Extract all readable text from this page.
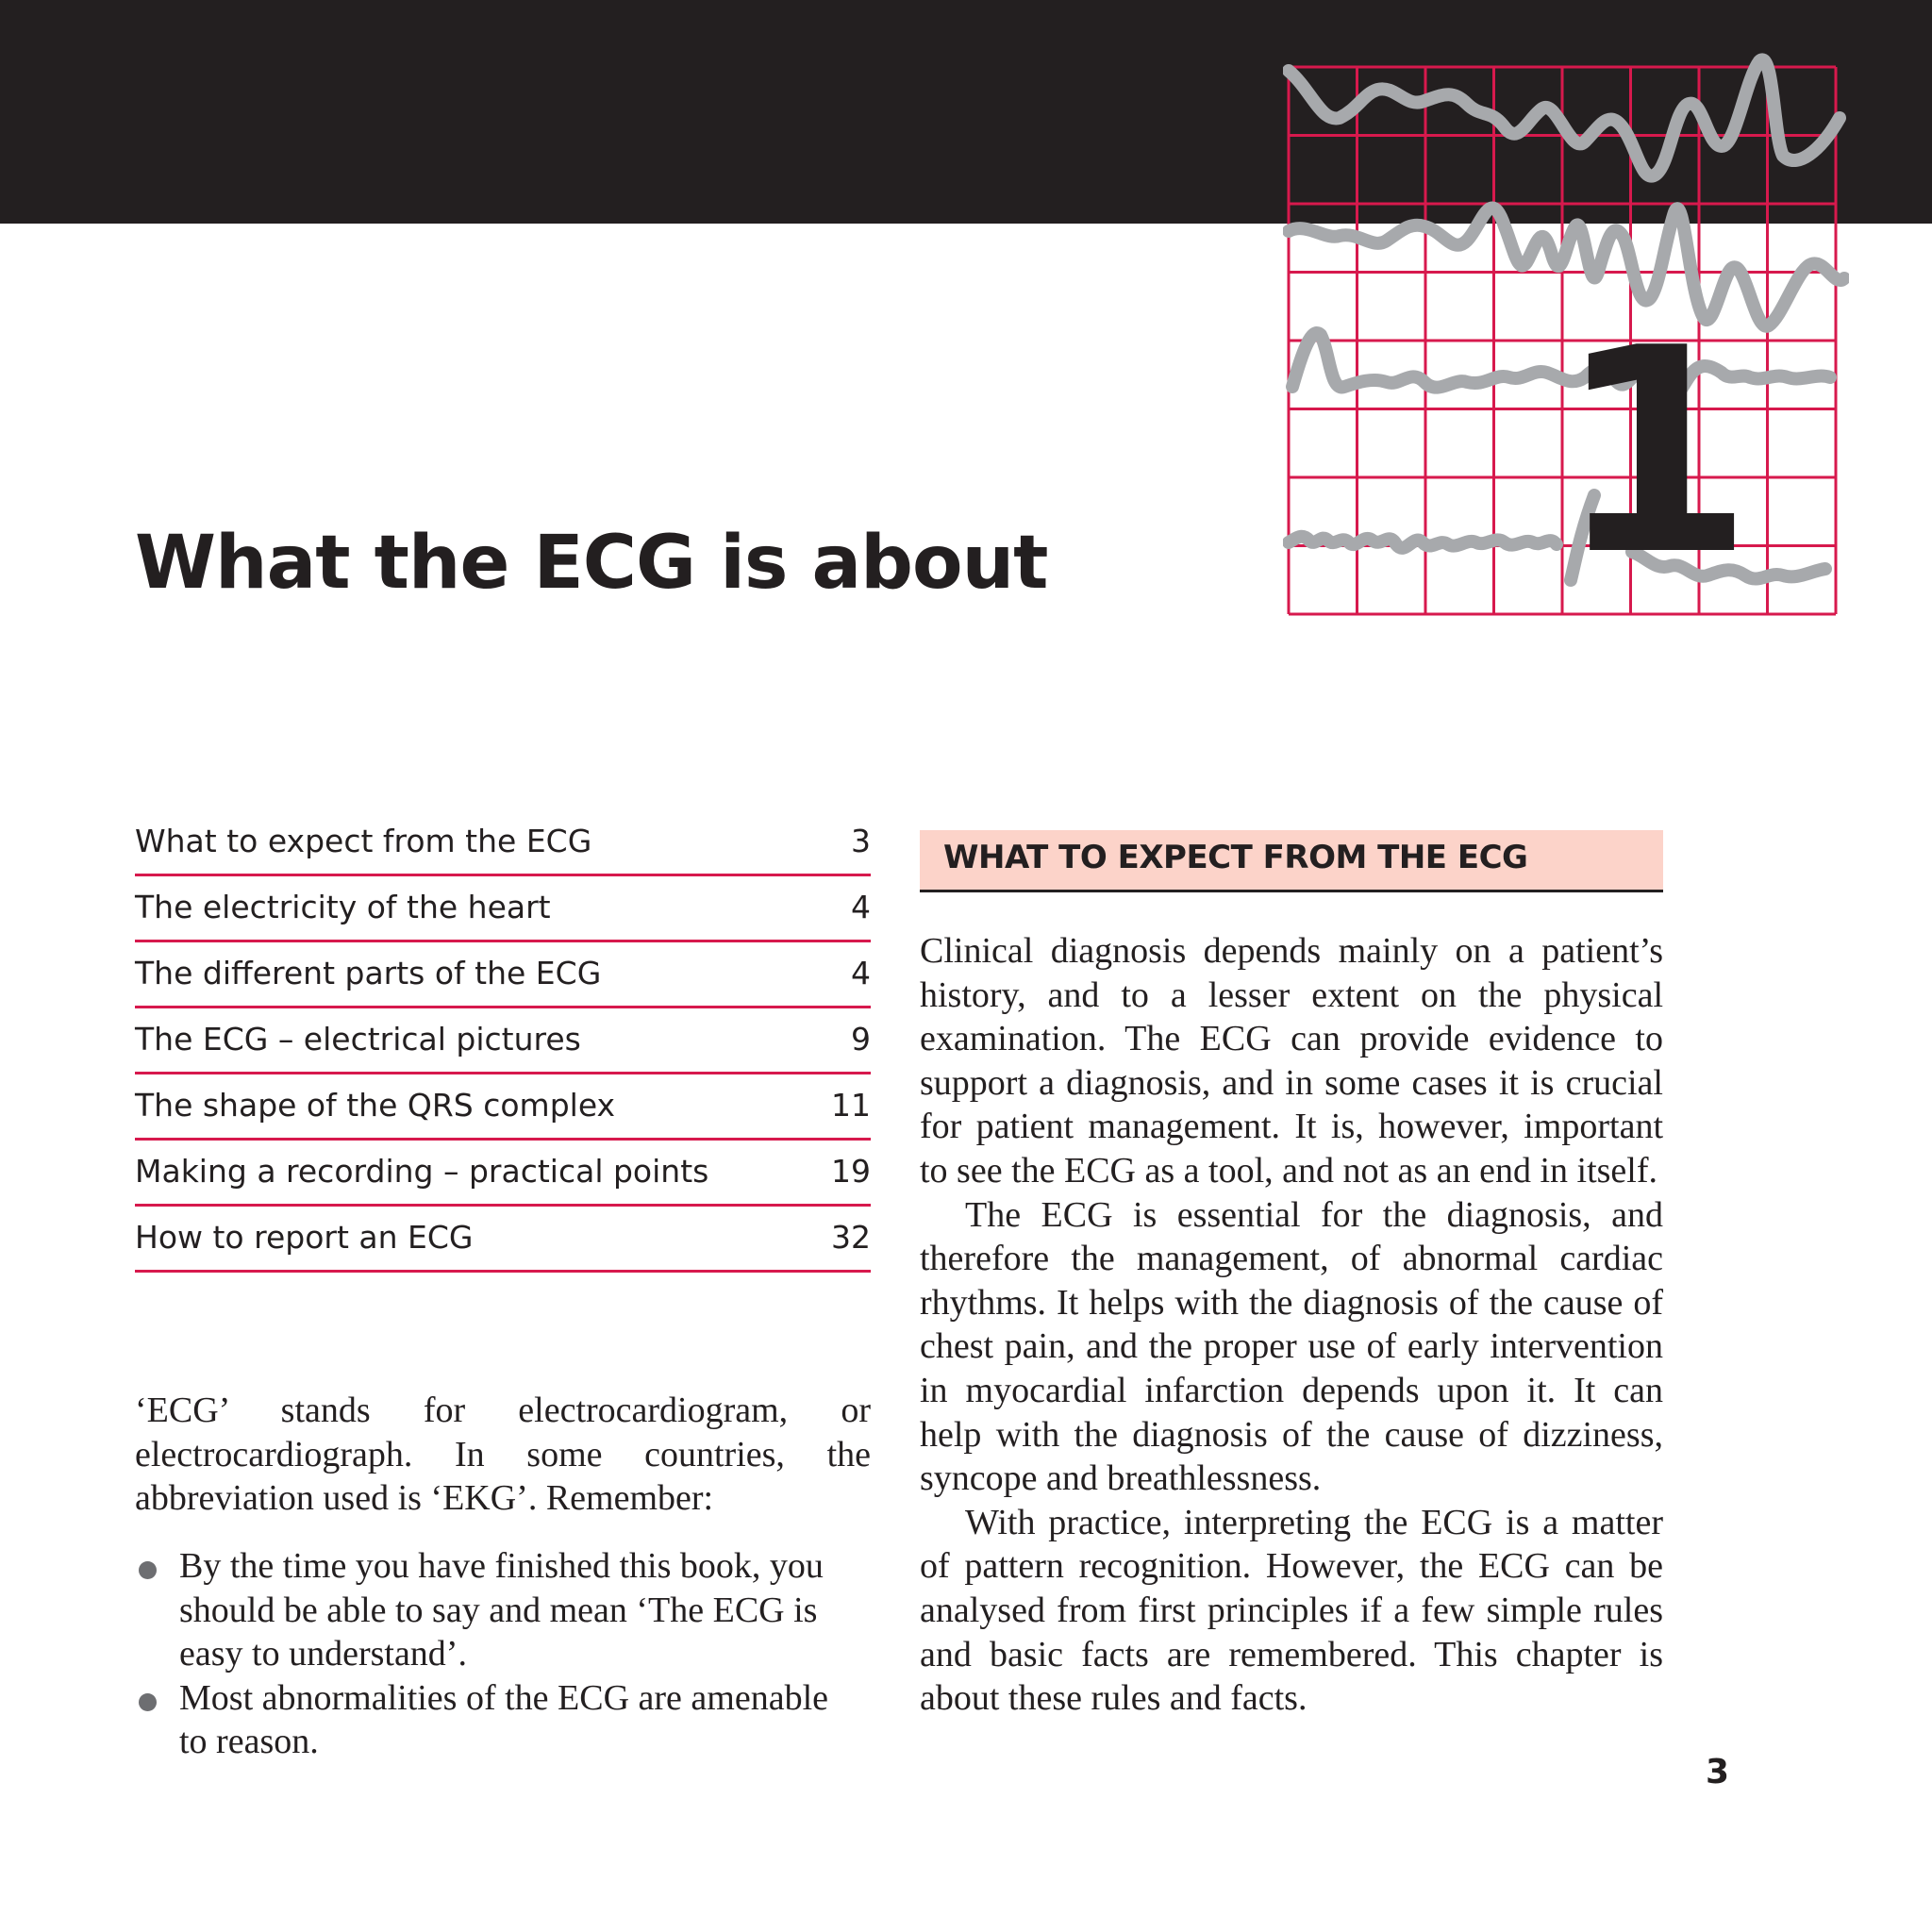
1
What the ECG is about
What to expect from the ECG	3
The electricity of the heart	4
The different parts of the ECG	4
The ECG – electrical pictures	9
The shape of the QRS complex	11
Making a recording – practical points	19
How to report an ECG	32

‘ECG’ stands for electrocardiogram, or electrocardiograph. In some countries, the abbreviation used is ‘EKG’. Remember:

By the time you have finished this book, you should be able to say and mean ‘The ECG is easy to understand’.
Most abnormalities of the ECG are amenable to reason.
WHAT TO EXPECT FROM THE ECG

Clinical diagnosis depends mainly on a patient’s history, and to a lesser extent on the physical examination. The ECG can provide evidence to support a diagnosis, and in some cases it is crucial for patient management. It is, however, important to see the ECG as a tool, and not as an end in itself.

The ECG is essential for the diagnosis, and therefore the management, of abnormal cardiac rhythms. It helps with the diagnosis of the cause of chest pain, and the proper use of early intervention in myocardial infarction depends upon it. It can help with the diagnosis of the cause of dizziness, syncope and breathlessness.

With practice, interpreting the ECG is a matter of pattern recognition. However, the ECG can be analysed from first principles if a few simple rules and basic facts are remembered. This chapter is about these rules and facts.

3
